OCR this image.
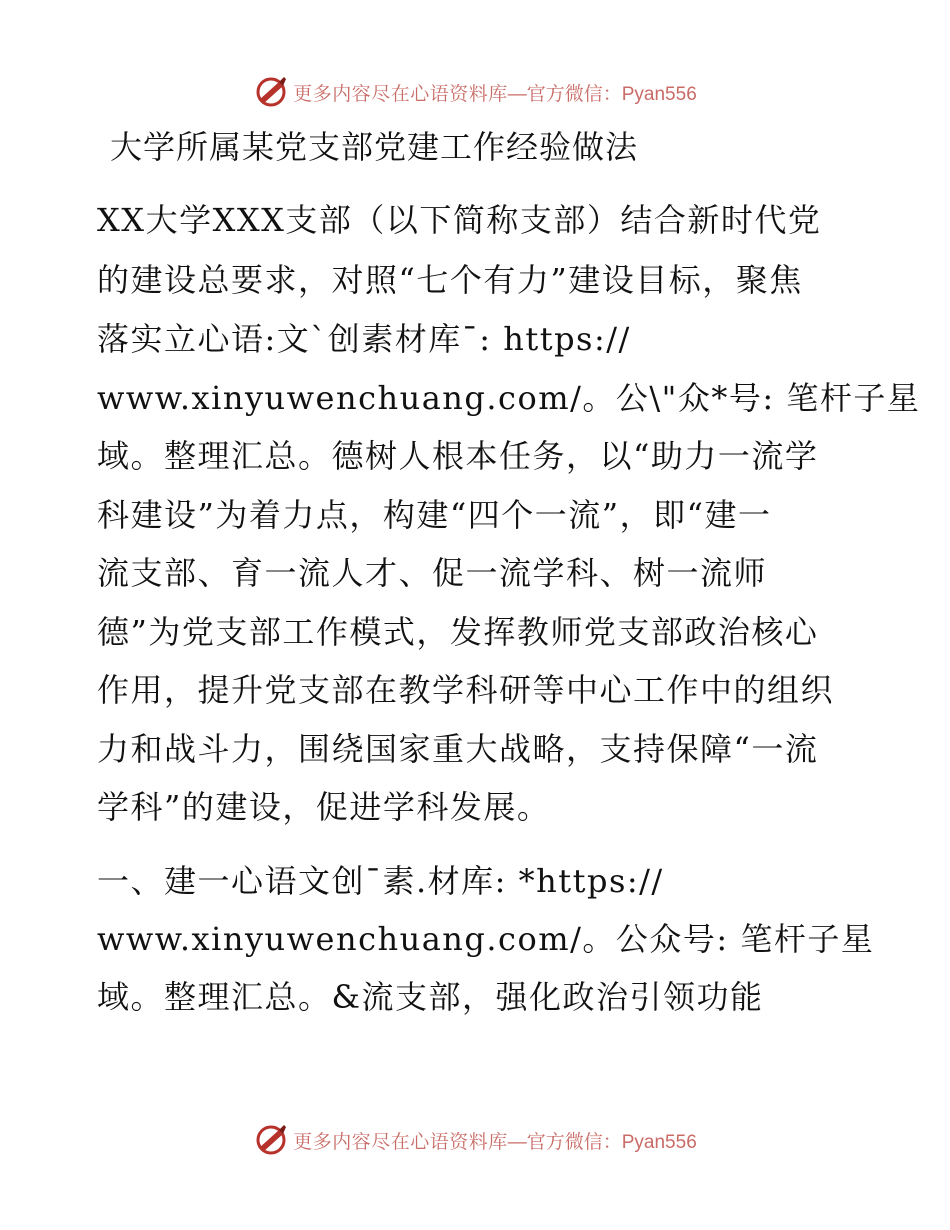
更多内容尽在心语资料库 —官方微信：Pyan556
大学所属某党支部党建工作经验做法
XX大学XXX支部（以下简称支部）结合新时代党
的建设总要求，对照“七个有力”建设目标，聚焦
落实立心语:文`创素材库¯: https://
www.xinyuwenchuang.com/。公\"众*号: 笔杆子星
域。整理汇总。德树人根本任务，以“助力一流学
科建设”为着力点，构建“四个一流”，即“建一
流支部、育一流人才、促一流学科、树一流师
德”为党支部工作模式，发挥教师党支部政治核心
作用，提升党支部在教学科研等中心工作中的组织
力和战斗力，围绕国家重大战略，支持保障“一流
学科”的建设，促进学科发展。
一、建一心语文创¯素.材库: *https://
www.xinyuwenchuang.com/。公众号: 笔杆子星
域。整理汇总。&流支部，强化政治引领功能
更多内容尽在心语资料库 —官方微信：Pyan556
